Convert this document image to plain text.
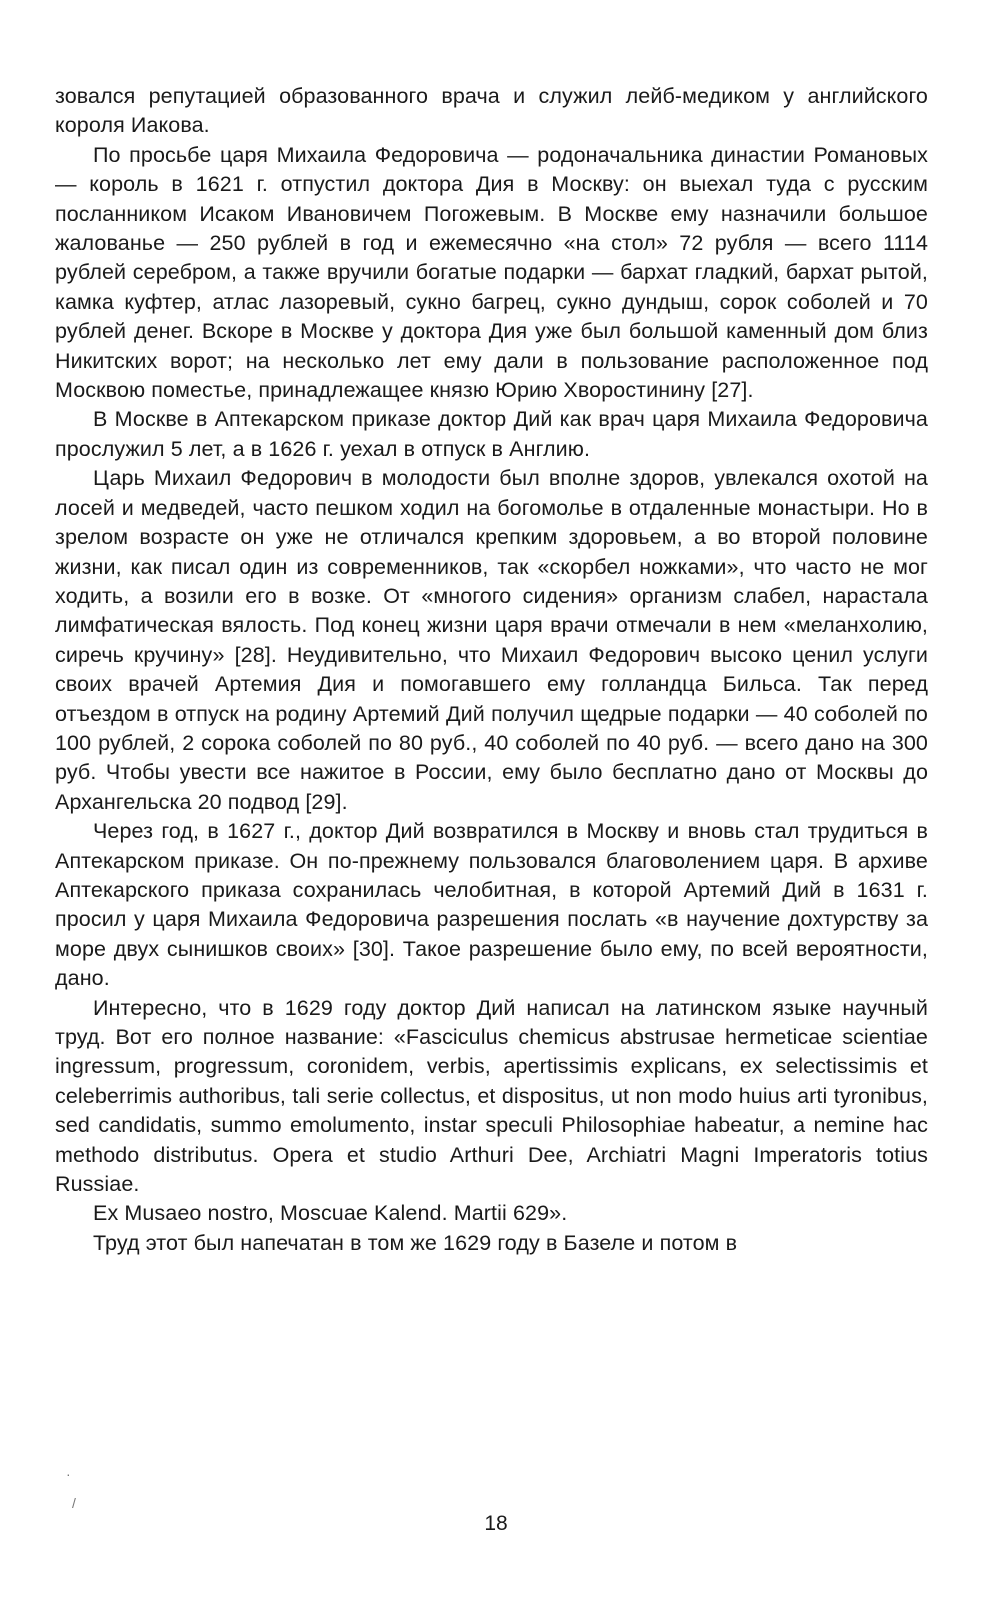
зовался репутацией образованного врача и служил лейб-медиком у английского короля Иакова.

По просьбе царя Михаила Федоровича — родоначальника династии Романовых — король в 1621 г. отпустил доктора Дия в Москву: он выехал туда с русским посланником Исаком Ивановичем Погожевым. В Москве ему назначили большое жалованье — 250 рублей в год и ежемесячно «на стол» 72 рубля — всего 1114 рублей серебром, а также вручили богатые подарки — бархат гладкий, бархат рытой, камка куфтер, атлас лазоревый, сукно багрец, сукно дундыш, сорок соболей и 70 рублей денег. Вскоре в Москве у доктора Дия уже был большой каменный дом близ Никитских ворот; на несколько лет ему дали в пользование расположенное под Москвою поместье, принадлежащее князю Юрию Хворостинину [27].

В Москве в Аптекарском приказе доктор Дий как врач царя Михаила Федоровича прослужил 5 лет, а в 1626 г. уехал в отпуск в Англию.

Царь Михаил Федорович в молодости был вполне здоров, увлекался охотой на лосей и медведей, часто пешком ходил на богомолье в отдаленные монастыри. Но в зрелом возрасте он уже не отличался крепким здоровьем, а во второй половине жизни, как писал один из современников, так «скорбел ножками», что часто не мог ходить, а возили его в возке. От «многого сидения» организм слабел, нарастала лимфатическая вялость. Под конец жизни царя врачи отмечали в нем «меланхолию, сиречь кручину» [28]. Неудивительно, что Михаил Федорович высоко ценил услуги своих врачей Артемия Дия и помогавшего ему голландца Бильса. Так перед отъездом в отпуск на родину Артемий Дий получил щедрые подарки — 40 соболей по 100 рублей, 2 сорока соболей по 80 руб., 40 соболей по 40 руб. — всего дано на 300 руб. Чтобы увести все нажитое в России, ему было бесплатно дано от Москвы до Архангельска 20 подвод [29].

Через год, в 1627 г., доктор Дий возвратился в Москву и вновь стал трудиться в Аптекарском приказе. Он по-прежнему пользовался благоволением царя. В архиве Аптекарского приказа сохранилась челобитная, в которой Артемий Дий в 1631 г. просил у царя Михаила Федоровича разрешения послать «в научение дохтурству за море двух сынишков своих» [30]. Такое разрешение было ему, по всей вероятности, дано.

Интересно, что в 1629 году доктор Дий написал на латинском языке научный труд. Вот его полное название: «Fasciculus chemicus abstrusae hermeticae scientiae ingressum, progressum, coronidem, verbis, apertissimis explicans, ex selectissimis et celeberrimis authoribus, tali serie collectus, et dispositus, ut non modo huius arti tyronibus, sed candidatis, summo emolumento, instar speculi Philosophiae habeatur, a nemine hac methodo distributus. Opera et studio Arthuri Dee, Archiatri Magni Imperatoris totius Russiae.

Ex Musaeo nostro, Moscuae Kalend. Martii 629».

Труд этот был напечатан в том же 1629 году в Базеле и потом в

18
·
/
